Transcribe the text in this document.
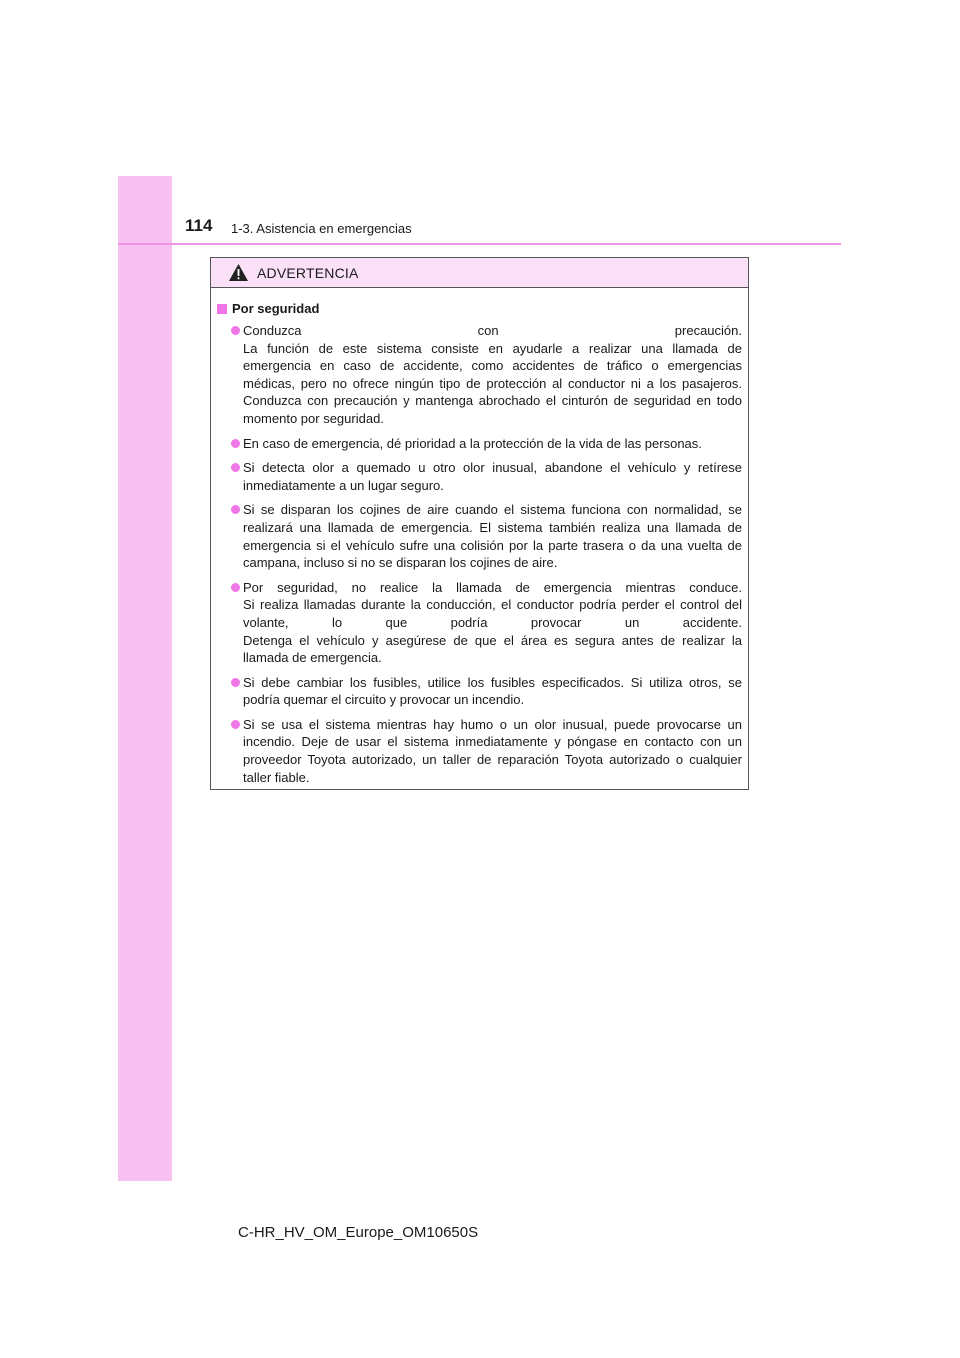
114 1-3. Asistencia en emergencias
ADVERTENCIA
Por seguridad
Conduzca con precaución.
La función de este sistema consiste en ayudarle a realizar una llamada de
emergencia en caso de accidente, como accidentes de tráfico o emergencias
médicas, pero no ofrece ningún tipo de protección al conductor ni a los pasajeros.
Conduzca con precaución y mantenga abrochado el cinturón de seguridad en todo
momento por seguridad.
En caso de emergencia, dé prioridad a la protección de la vida de las personas.
Si detecta olor a quemado u otro olor inusual, abandone el vehículo y retírese
inmediatamente a un lugar seguro.
Si se disparan los cojines de aire cuando el sistema funciona con normalidad, se
realizará una llamada de emergencia. El sistema también realiza una llamada de
emergencia si el vehículo sufre una colisión por la parte trasera o da una vuelta de
campana, incluso si no se disparan los cojines de aire.
Por seguridad, no realice la llamada de emergencia mientras conduce.
Si realiza llamadas durante la conducción, el conductor podría perder el control del
volante, lo que podría provocar un accidente.
Detenga el vehículo y asegúrese de que el área es segura antes de realizar la
llamada de emergencia.
Si debe cambiar los fusibles, utilice los fusibles especificados. Si utiliza otros, se
podría quemar el circuito y provocar un incendio.
Si se usa el sistema mientras hay humo o un olor inusual, puede provocarse un
incendio. Deje de usar el sistema inmediatamente y póngase en contacto con un
proveedor Toyota autorizado, un taller de reparación Toyota autorizado o cualquier
taller fiable.
C-HR_HV_OM_Europe_OM10650S
